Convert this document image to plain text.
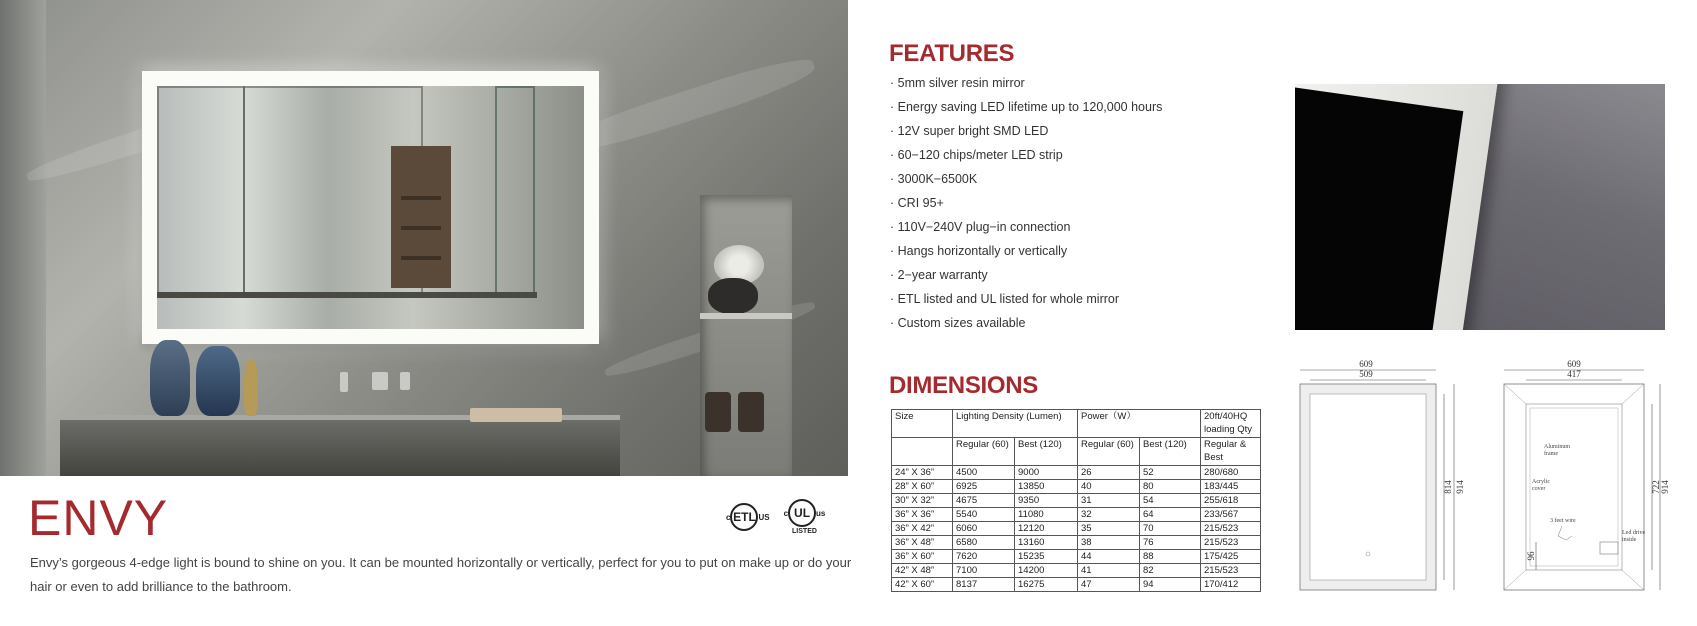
ENVY	c ETL US c UL us
LISTED

Envy’s gorgeous 4-edge light is bound to shine on you. It can be mounted horizontally or vertically, perfect for you to put on make up or do your hair or even to add brilliance to the bathroom.

FEATURES
· 5mm silver resin mirror
· Energy saving LED lifetime up to 120,000 hours
· 12V super bright SMD LED
· 60−120 chips/meter LED strip
· 3000K−6500K
· CRI 95+
· 110V−240V plug−in connection
· Hangs horizontally or vertically
· 2−year warranty
· ETL listed and UL listed for whole mirror
· Custom sizes available
DIMENSIONS
Size	Lighting Density (Lumen)		Power（W）		20ft/40HQ loading Qty
	Regular (60)	Best (120)	Regular (60)	Best (120)	Regular & Best
24” X 36”	4500	9000	26	52	280/680
28” X 60”	6925	13850	40	80	183/445
30” X 32”	4675	9350	31	54	255/618
36” X 36”	5540	11080	32	64	233/567
36” X 42”	6060	12120	35	70	215/523
36” X 48”	6580	13160	38	76	215/523
36” X 60”	7620	15235	44	88	175/425
42” X 48”	7100	14200	41	82	215/523
42” X 60”	8137	16275	47	94	170/412
609
509
814 914
609
417
Aluminum
frame
Acrylic
cover
3 feet wire
Led drive
inside
96
722 914
